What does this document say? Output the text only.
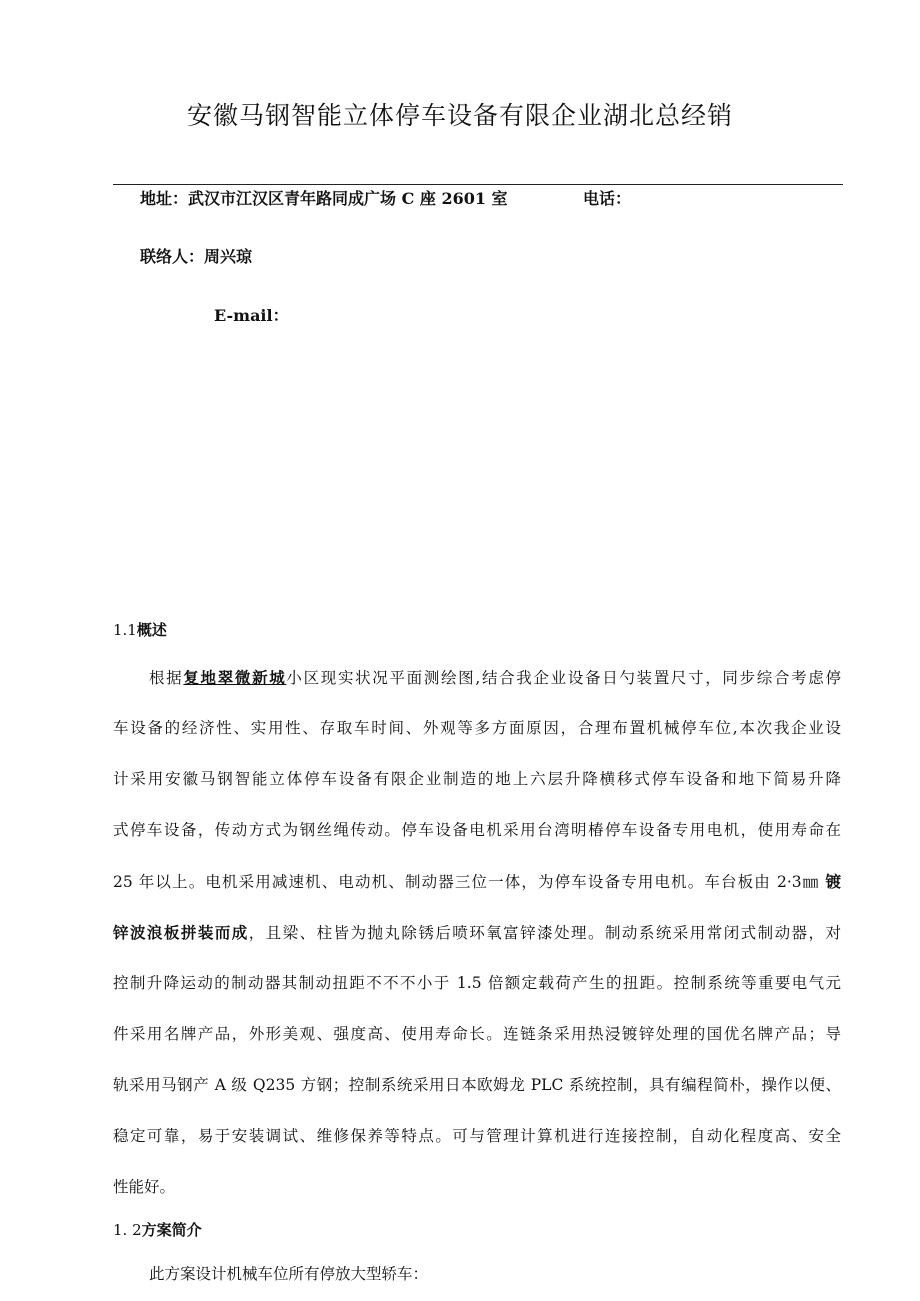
安徽马钢智能立体停车设备有限企业湖北总经销
地址：武汉市江汉区青年路同成广场 C 座 2601 室	电话：
联络人：周兴琼
E-mail：
1.1概述
根据复地翠微新城小区现实状况平面测绘图,结合我企业设备日勺装置尺寸，同步综合考虑停
车设备的经济性、实用性、存取车时间、外观等多方面原因，合理布置机械停车位,本次我企业设
计采用安徽马钢智能立体停车设备有限企业制造的地上六层升降横移式停车设备和地下简易升降
式停车设备，传动方式为钢丝绳传动。停车设备电机采用台湾明椿停车设备专用电机，使用寿命在
25 年以上。电机采用减速机、电动机、制动器三位一体，为停车设备专用电机。车台板由 2·3㎜ 镀
锌波浪板拼装而成，且梁、柱皆为抛丸除锈后喷环氧富锌漆处理。制动系统采用常闭式制动器，对
控制升降运动的制动器其制动扭距不不不小于 1.5 倍额定载荷产生的扭距。控制系统等重要电气元
件采用名牌产品，外形美观、强度高、使用寿命长。连链条采用热浸镀锌处理的国优名牌产品；导
轨采用马钢产 A 级 Q235 方钢；控制系统采用日本欧姆龙 PLC 系统控制，具有编程简朴，操作以便、
稳定可靠，易于安装调试、维修保养等特点。可与管理计算机进行连接控制，自动化程度高、安全
性能好。
1. 2方案简介
此方案设计机械车位所有停放大型轿车：
